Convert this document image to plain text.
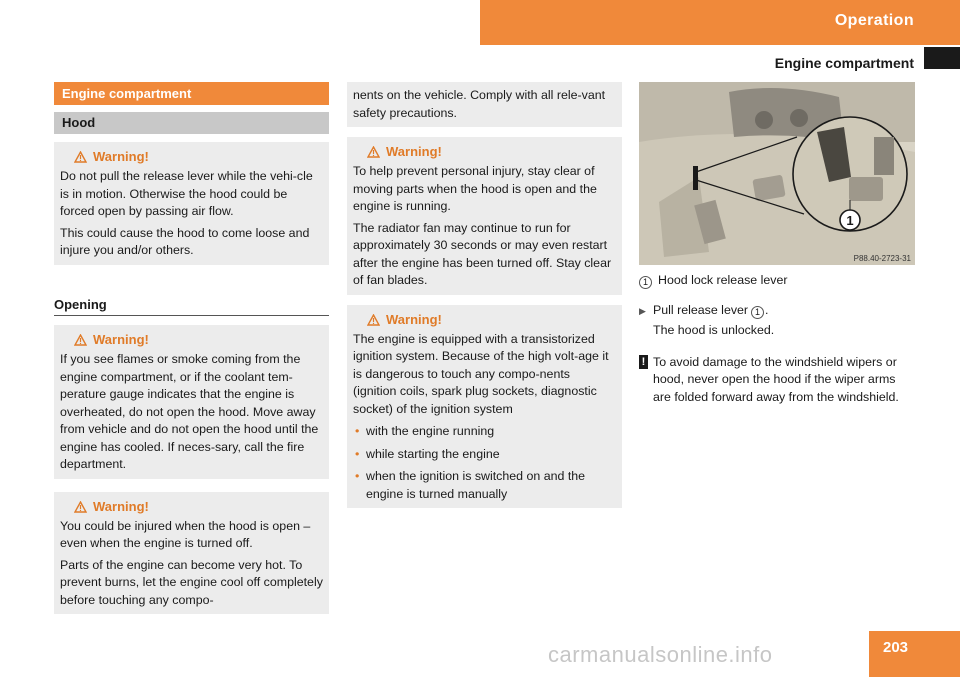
Operation
Engine compartment
Engine compartment
Hood
Warning!

Do not pull the release lever while the vehi-cle is in motion. Otherwise the hood could be forced open by passing air flow.

This could cause the hood to come loose and injure you and/or others.

Opening
Warning!

If you see flames or smoke coming from the engine compartment, or if the coolant tem-perature gauge indicates that the engine is overheated, do not open the hood. Move away from vehicle and do not open the hood until the engine has cooled. If neces-sary, call the fire department.

Warning!

You could be injured when the hood is open – even when the engine is turned off.

Parts of the engine can become very hot. To prevent burns, let the engine cool off completely before touching any compo-

nents on the vehicle. Comply with all rele-vant safety precautions.

Warning!

To help prevent personal injury, stay clear of moving parts when the hood is open and the engine is running.

The radiator fan may continue to run for approximately 30 seconds or may even restart after the engine has been turned off. Stay clear of fan blades.

Warning!

The engine is equipped with a transistorized ignition system. Because of the high volt-age it is dangerous to touch any compo-nents (ignition coils, spark plug sockets, diagnostic socket) of the ignition system

• with the engine running
• while starting the engine
• when the ignition is switched on and the engine is turned manually
1
P88.40-2723-31
1 Hood lock release lever
▶ Pull release lever 1 .
The hood is unlocked.
! To avoid damage to the windshield wipers or hood, never open the hood if the wiper arms are folded forward away from the windshield.
203
carmanualsonline.info
